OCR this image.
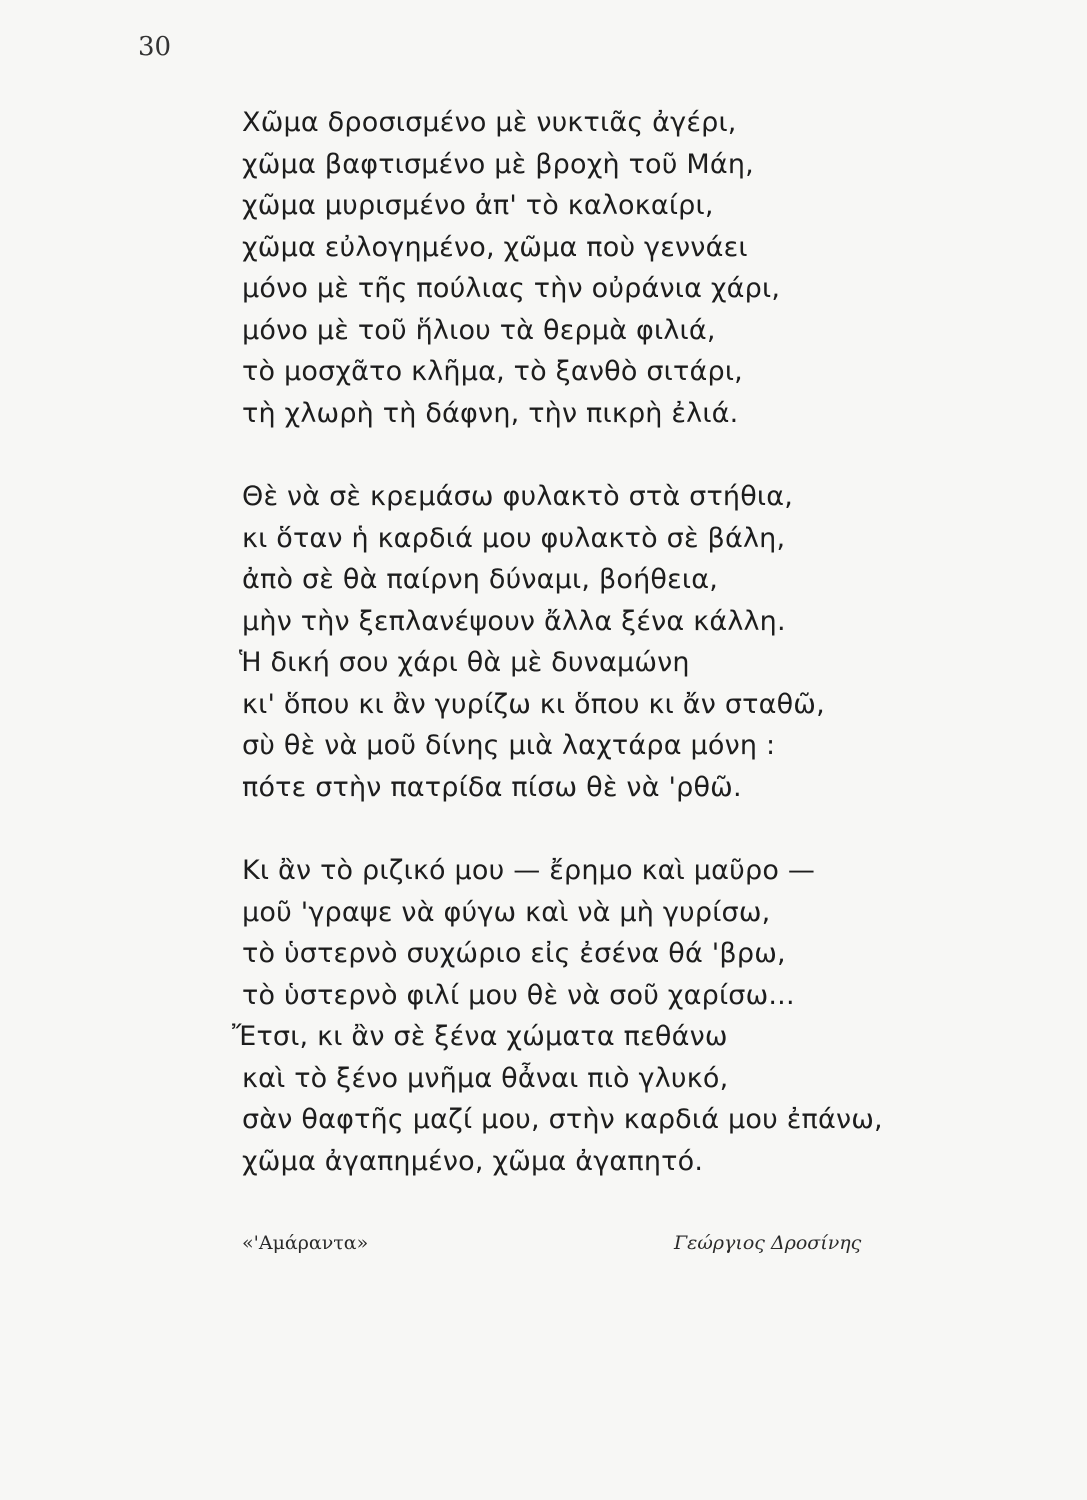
30
Χῶμα δροσισμένο μὲ νυκτιᾶς ἀγέρι,
χῶμα βαφτισμένο μὲ βροχὴ τοῦ Μάη,
χῶμα μυρισμένο ἀπ' τὸ καλοκαίρι,
χῶμα εὐλογημένο, χῶμα ποὺ γεννάει
μόνο μὲ τῆς πούλιας τὴν οὐράνια χάρι,
μόνο μὲ τοῦ ἥλιου τὰ θερμὰ φιλιά,
τὸ μοσχᾶτο κλῆμα, τὸ ξανθὸ σιτάρι,
τὴ χλωρὴ τὴ δάφνη, τὴν πικρὴ ἐλιά.
Θὲ νὰ σὲ κρεμάσω φυλακτὸ στὰ στήθια,
κι ὅταν ἡ καρδιά μου φυλακτὸ σὲ βάλη,
ἀπὸ σὲ θὰ παίρνη δύναμι, βοήθεια,
μὴν τὴν ξεπλανέψουν ἄλλα ξένα κάλλη.
Ἡ δική σου χάρι θὰ μὲ δυναμώνη
κι' ὅπου κι ἂν γυρίζω κι ὅπου κι ἄν σταθῶ,
σὺ θὲ νὰ μοῦ δίνης μιὰ λαχτάρα μόνη :
πότε στὴν πατρίδα πίσω θὲ νὰ 'ρθῶ.
Κι ἂν τὸ ριζικό μου — ἔρημο καὶ μαῦρο —
μοῦ 'γραψε νὰ φύγω καὶ νὰ μὴ γυρίσω,
τὸ ὑστερνὸ συχώριο εἰς ἐσένα θά 'βρω,
τὸ ὑστερνὸ φιλί μου θὲ νὰ σοῦ χαρίσω...
Ἔτσι, κι ἂν σὲ ξένα χώματα πεθάνω
καὶ τὸ ξένο μνῆμα θἆναι πιὸ γλυκό,
σὰν θαφτῆς μαζί μου, στὴν καρδιά μου ἐπάνω,
χῶμα ἀγαπημένο, χῶμα ἀγαπητό.
«'Αμάραντα»	Γεώργιος Δροσίνης
